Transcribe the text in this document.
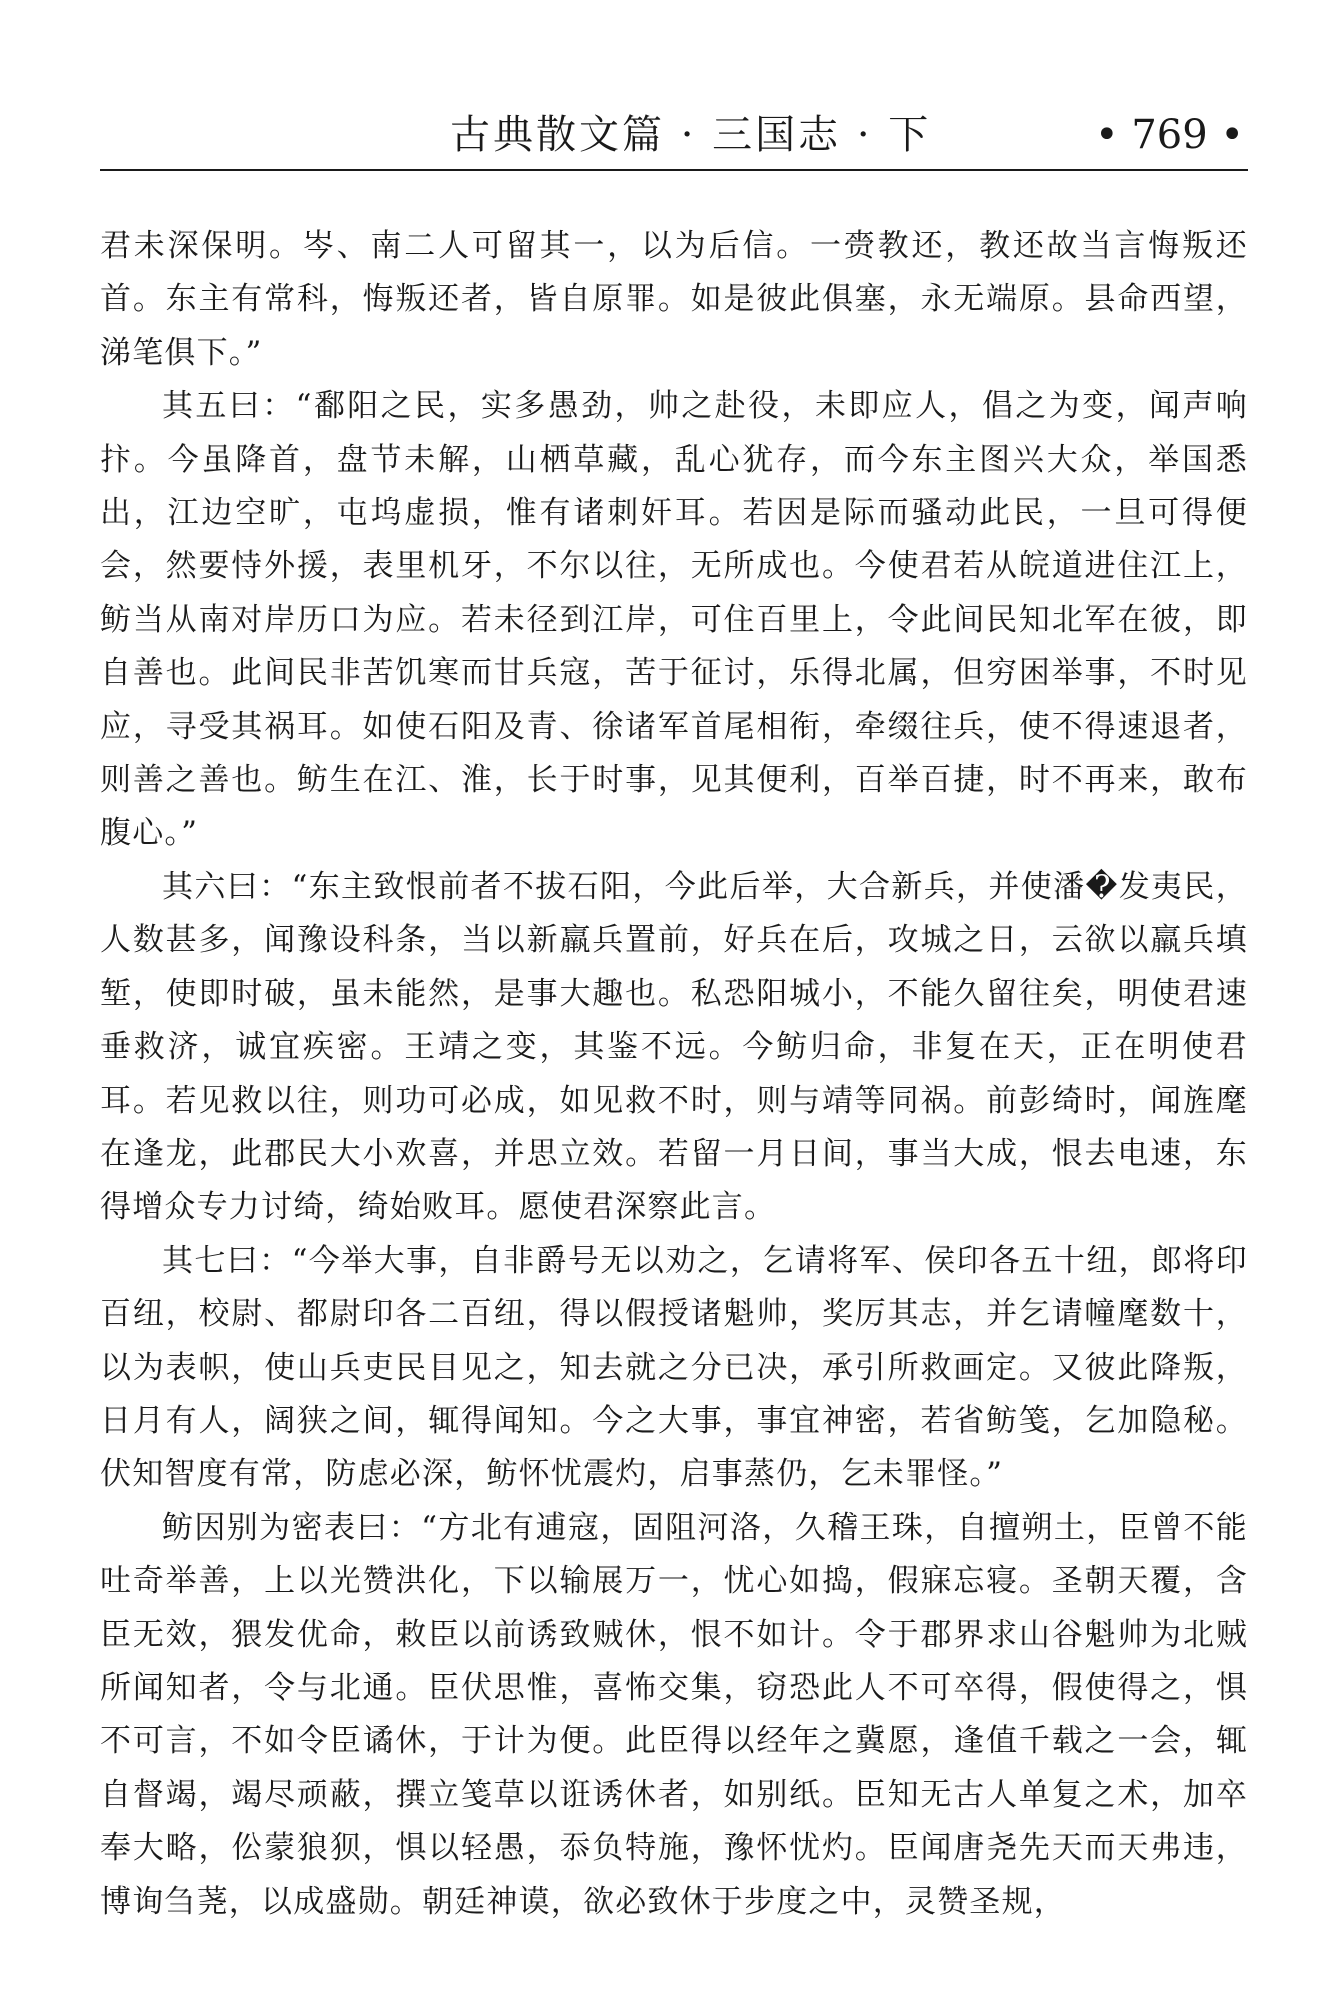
古典散文篇 · 三国志 · 下	• 769 •

君未深保明。岑、南二人可留其一，以为后信。一赍教还，教还故当言悔叛还首。东主有常科，悔叛还者，皆自原罪。如是彼此俱塞，永无端原。县命西望，涕笔俱下。”

其五曰：“鄱阳之民，实多愚劲，帅之赴役，未即应人，倡之为变，闻声响抃。今虽降首，盘节未解，山栖草藏，乱心犹存，而今东主图兴大众，举国悉出，江边空旷，屯坞虚损，惟有诸刺奸耳。若因是际而骚动此民，一旦可得便会，然要恃外援，表里机牙，不尔以往，无所成也。今使君若从皖道进住江上，鲂当从南对岸历口为应。若未径到江岸，可住百里上，令此间民知北军在彼，即自善也。此间民非苦饥寒而甘兵寇，苦于征讨，乐得北属，但穷困举事，不时见应，寻受其祸耳。如使石阳及青、徐诸军首尾相衔，牵缀往兵，使不得速退者，则善之善也。鲂生在江、淮，长于时事，见其便利，百举百捷，时不再来，敢布腹心。”

其六曰：“东主致恨前者不拔石阳，今此后举，大合新兵，并使潘�发夷民，人数甚多，闻豫设科条，当以新羸兵置前，好兵在后，攻城之日，云欲以羸兵填堑，使即时破，虽未能然，是事大趣也。私恐阳城小，不能久留往矣，明使君速垂救济，诚宜疾密。王靖之变，其鉴不远。今鲂归命，非复在天，正在明使君耳。若见救以往，则功可必成，如见救不时，则与靖等同祸。前彭绮时，闻旌麾在逢龙，此郡民大小欢喜，并思立效。若留一月日间，事当大成，恨去电速，东得增众专力讨绮，绮始败耳。愿使君深察此言。

其七曰：“今举大事，自非爵号无以劝之，乞请将军、侯印各五十纽，郎将印百纽，校尉、都尉印各二百纽，得以假授诸魁帅，奖厉其志，并乞请幢麾数十，以为表帜，使山兵吏民目见之，知去就之分已决，承引所救画定。又彼此降叛，日月有人，阔狭之间，辄得闻知。今之大事，事宜神密，若省鲂笺，乞加隐秘。伏知智度有常，防虑必深，鲂怀忧震灼，启事蒸仍，乞未罪怪。”

鲂因别为密表曰：“方北有逋寇，固阻河洛，久稽王珠，自擅朔土，臣曾不能吐奇举善，上以光赞洪化，下以输展万一，忧心如捣，假寐忘寝。圣朝天覆，含臣无效，猥发优命，敕臣以前诱致贼休，恨不如计。令于郡界求山谷魁帅为北贼所闻知者，令与北通。臣伏思惟，喜怖交集，窃恐此人不可卒得，假使得之，惧不可言，不如令臣谲休，于计为便。此臣得以经年之冀愿，逢值千载之一会，辄自督竭，竭尽顽蔽，撰立笺草以诳诱休者，如别纸。臣知无古人单复之术，加卒奉大略，伀蒙狼狈，惧以轻愚，忝负特施，豫怀忧灼。臣闻唐尧先天而天弗违，博询刍荛，以成盛勋。朝廷神谟，欲必致休于步度之中，灵赞圣规，
